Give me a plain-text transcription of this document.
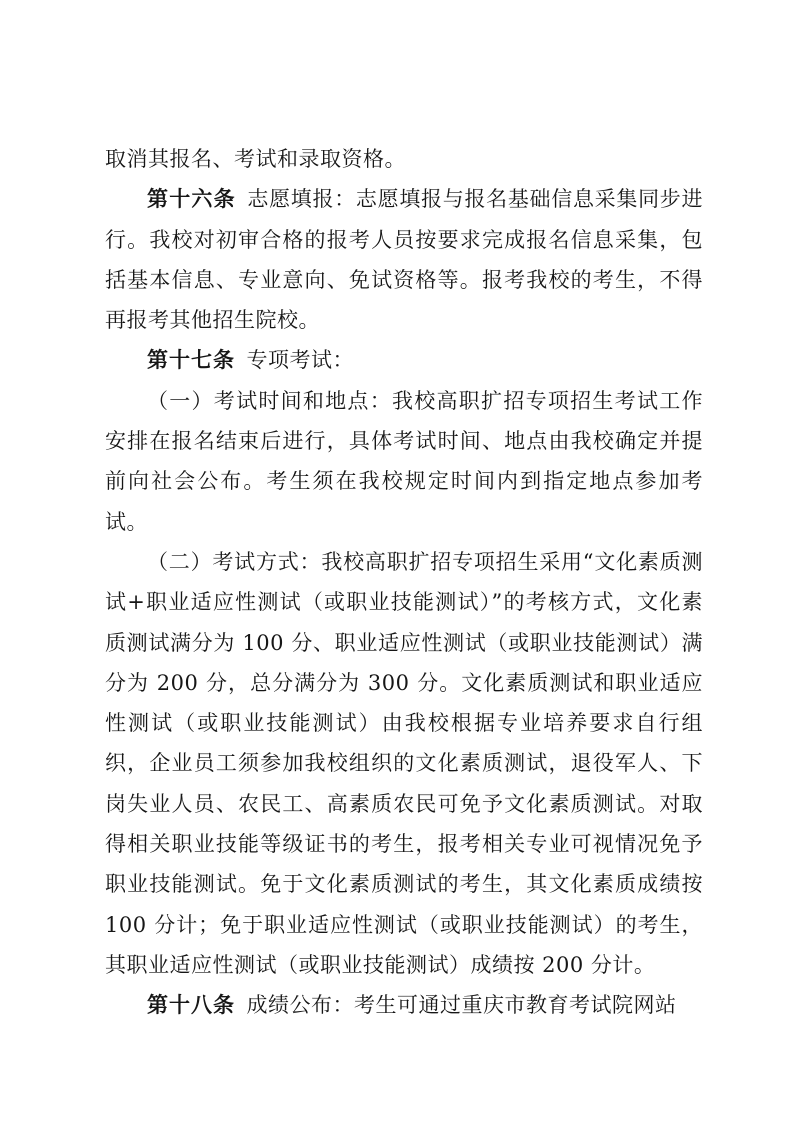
取消其报名、考试和录取资格。

第十六条 志愿填报：志愿填报与报名基础信息采集同步进行。我校对初审合格的报考人员按要求完成报名信息采集，包括基本信息、专业意向、免试资格等。报考我校的考生，不得再报考其他招生院校。

第十七条 专项考试：

（一）考试时间和地点：我校高职扩招专项招生考试工作安排在报名结束后进行，具体考试时间、地点由我校确定并提前向社会公布。考生须在我校规定时间内到指定地点参加考试。

（二）考试方式：我校高职扩招专项招生采用“文化素质测试+职业适应性测试（或职业技能测试）”的考核方式，文化素质测试满分为 100 分、职业适应性测试（或职业技能测试）满分为 200 分，总分满分为 300 分。文化素质测试和职业适应性测试（或职业技能测试）由我校根据专业培养要求自行组织，企业员工须参加我校组织的文化素质测试，退役军人、下岗失业人员、农民工、高素质农民可免予文化素质测试。对取得相关职业技能等级证书的考生，报考相关专业可视情况免予职业技能测试。免于文化素质测试的考生，其文化素质成绩按 100 分计；免于职业适应性测试（或职业技能测试）的考生，其职业适应性测试（或职业技能测试）成绩按 200 分计。

第十八条 成绩公布：考生可通过重庆市教育考试院网站
